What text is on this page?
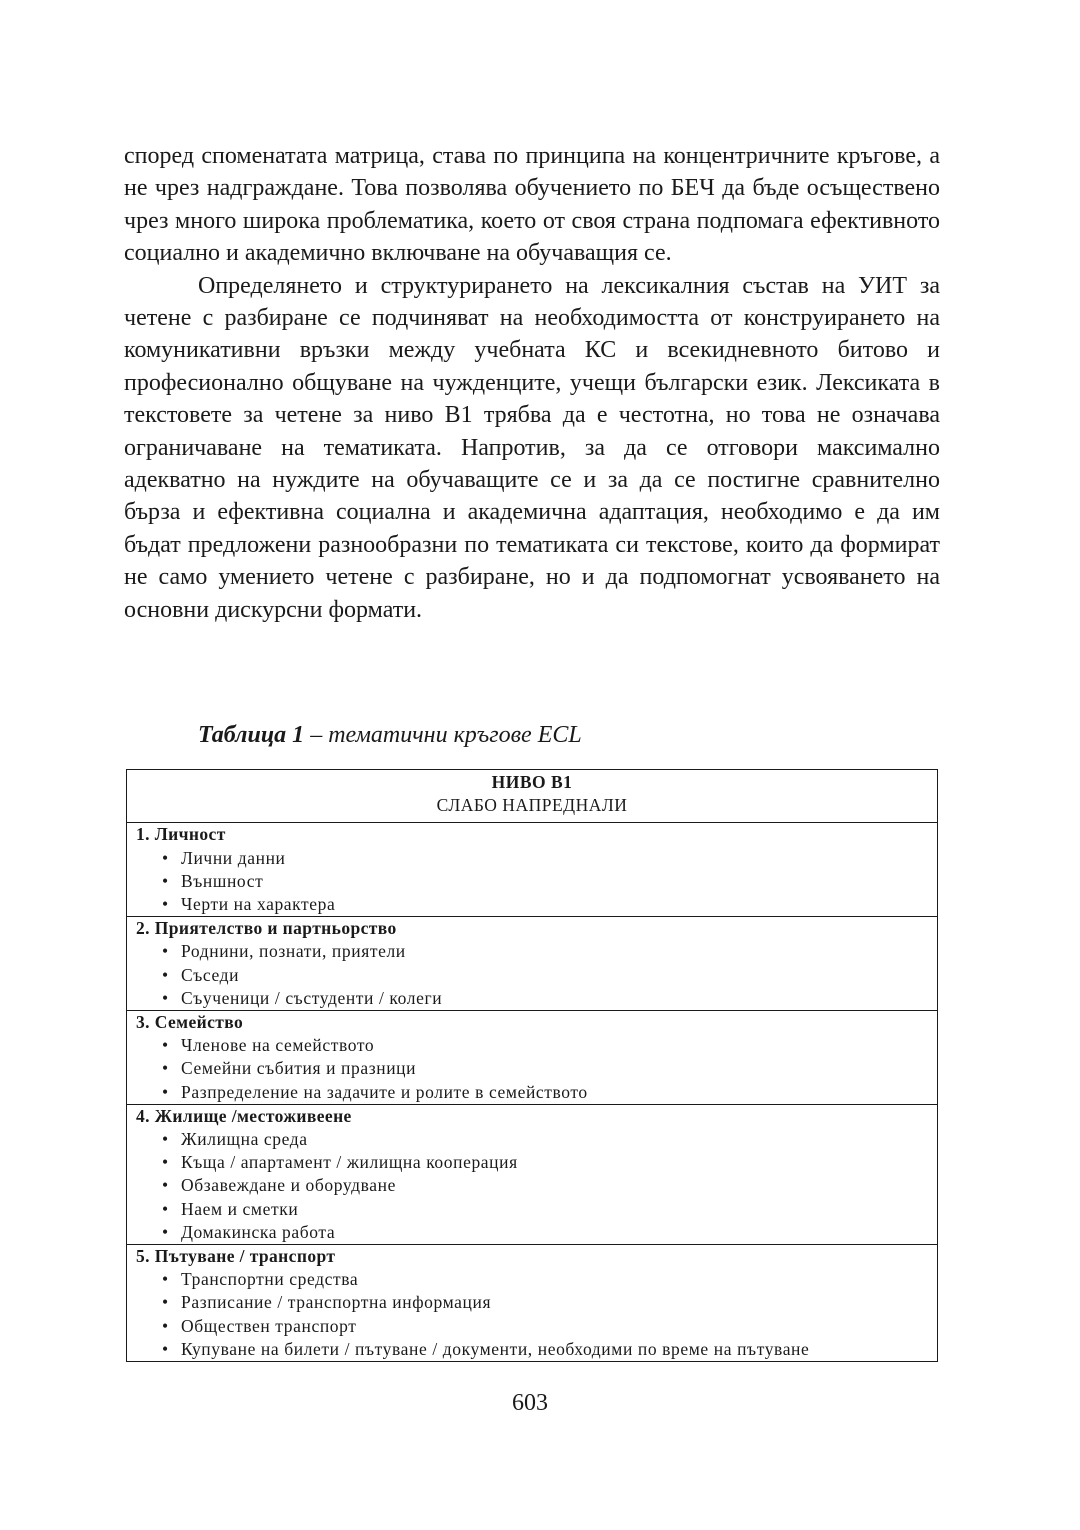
според споменатата матрица, става по принципа на концентричните кръгове, а не чрез надграждане. Това позволява обучението по БЕЧ да бъде осъществено чрез много широка проблематика, което от своя страна подпомага ефективното социално и академично включване на обучаващия се.

Определянето и структурирането на лексикалния състав на УИТ за четене с разбиране се подчиняват на необходимостта от конструирането на комуникативни връзки между учебната КС и всекидневното битово и професионално общуване на чужденците, учещи български език. Лексиката в текстовете за четене за ниво В1 трябва да е честотна, но това не означава ограничаване на тематиката. Напротив, за да се отговори максимално адекватно на нуждите на обучаващите се и за да се постигне сравнително бърза и ефективна социална и академична адаптация, необходимо е да им бъдат предложени разнообразни по тематиката си текстове, които да формират не само умението четене с разбиране, но и да подпомогнат усвояването на основни дискурсни формати.

Таблица 1 – тематични кръгове ECL
НИВО В1
СЛАБО НАПРЕДНАЛИ
1. Личност
• Лични данни
• Външност
• Черти на характера
2. Приятелство и партньорство
• Роднини, познати, приятели
• Съседи
• Съученици / състуденти / колеги
3. Семейство
• Членове на семейството
• Семейни събития и празници
• Разпределение на задачите и ролите в семейството
4. Жилище /местоживеене
• Жилищна среда
• Къща / апартамент / жилищна кооперация
• Обзавеждане и оборудване
• Наем и сметки
• Домакинска работа
5. Пътуване / транспорт
• Транспортни средства
• Разписание / транспортна информация
• Обществен транспорт
• Купуване на билети / пътуване / документи, необходими по време на пътуване
603
